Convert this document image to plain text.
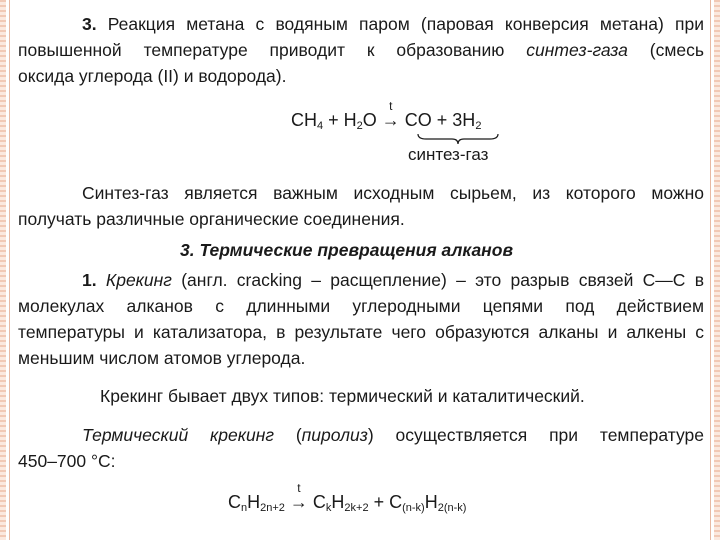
3. Реакция метана с водяным паром (паровая конверсия метана) при
повышенной температуре приводит к образованию синтез-газа (смесь
оксида углерода (II) и водорода).
$CH_4 + H_2O$
t
→ CO + $3H_2$
синтез-газ
Синтез-газ является важным исходным сырьем, из которого можно
получать различные органические соединения.
3. Термические превращения алканов
1. Крекинг (англ. cracking – расщепление) – это разрыв связей С—С в
молекулах алканов с длинными углеродными цепями под действием
температуры и катализатора, в результате чего образуются алканы и алкены с
меньшим числом атомов углерода.
Крекинг бывает двух типов: термический и каталитический.
Термический крекинг (пиролиз) осуществляется при температуре
450–700 °С:
$C_nH_{2n+2}$
t
→ $C_kH_{2k+2} + C_{(n-k)}H_{2(n-k)}$
